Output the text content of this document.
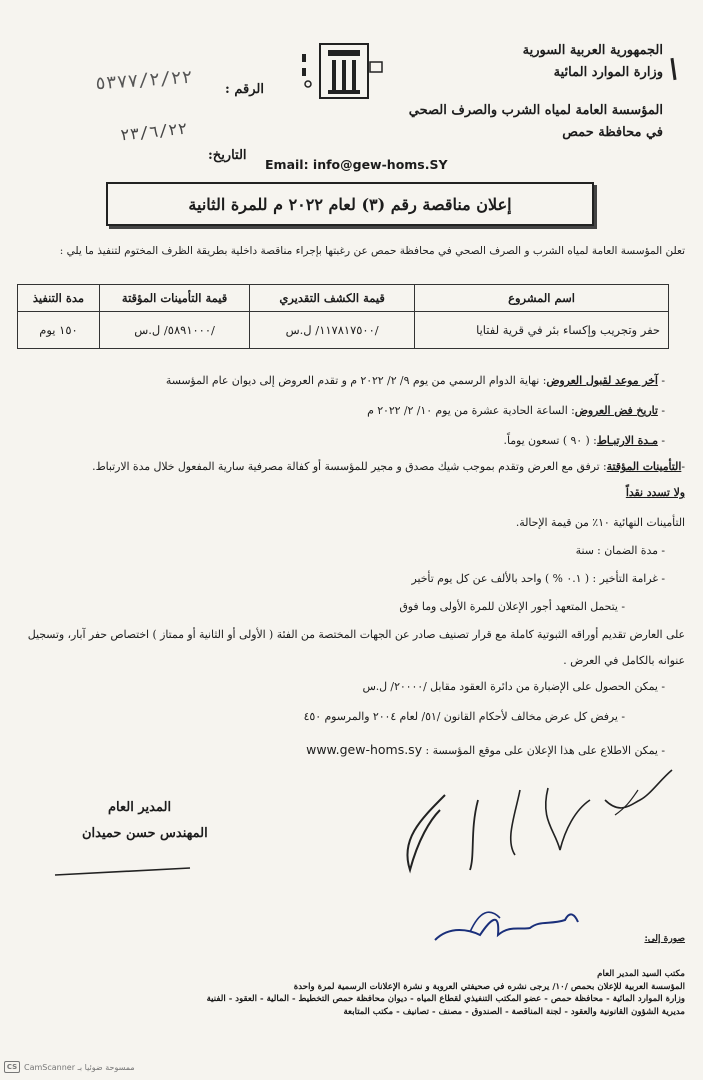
الجمهورية العربية السورية
وزارة الموارد المائية
المؤسسة العامة لمياه الشرب والصرف الصحي
في محافظة حمص
الرقم :
٥٣٧٧/٢/٢٢
التاريخ:
٢٣/٦/٢٢
Email: info@gew-homs.SY
إعلان مناقصة رقم (٣) لعام ٢٠٢٢ م للمرة الثانية
تعلن المؤسسة العامة لمياه الشرب و الصرف الصحي في محافظة حمص عن رغبتها بإجراء مناقصة داخلية بطريقة الظرف المختوم لتنفيذ ما يلي :
اسم المشروع	قيمة الكشف التقديري	قيمة التأمينات المؤقتة	مدة التنفيذ
حفر وتجريب وإكساء بئر في قرية لفتايا	/١١٧٨١٧٥٠٠/ ل.س	/٥٨٩١٠٠٠/ ل.س	١٥٠ يوم
- آخر موعد لقبول العروض: نهاية الدوام الرسمي من يوم ٩/ ٢/ ٢٠٢٢ م و تقدم العروض إلى ديوان عام المؤسسة
- تاريخ فض العروض: الساعة الحادية عشرة من يوم ١٠/ ٢/ ٢٠٢٢ م
- مـدة الارتبـاط: ( ٩٠ ) تسعون يوماً.
-التأمينات المؤقتة: ترفق مع العرض وتقدم بموجب شيك مصدق و مجير للمؤسسة أو كفالة مصرفية سارية المفعول خلال مدة الارتباط.
ولا تسدد نقداً
التأمينات النهائية ١٠٪ من قيمة الإحالة.
- مدة الضمان : سنة
- غرامة التأخير : ( ٠.١ % ) واحد بالألف عن كل يوم تأخير
- يتحمل المتعهد أجور الإعلان للمرة الأولى وما فوق
على العارض تقديم أوراقه الثبوتية كاملة مع قرار تصنيف صادر عن الجهات المختصة من الفئة ( الأولى أو الثانية أو ممتاز ) اختصاص حفر آبار، وتسجيل عنوانه بالكامل في العرض .
- يمكن الحصول على الإضبارة من دائرة العقود مقابل /٢٠٠٠٠/ ل.س
- يرفض كل عرض مخالف لأحكام القانون /٥١/ لعام ٢٠٠٤ والمرسوم ٤٥٠
- يمكن الاطلاع على هذا الإعلان على موقع المؤسسة : www.gew-homs.sy
المدير العام
المهندس حسن حميدان
صورة إلى:
مكتب السيد المدير العام
المؤسسة العربية للإعلان بحمص /١٠/ يرجى نشره في صحيفتي العروبة و نشرة الإعلانات الرسمية لمرة واحدة
وزارة الموارد المائية - محافظة حمص - عضو المكتب التنفيذي لقطاع المياه - ديوان محافظة حمص التخطيط - المالية - العقود - الفنية
مديرية الشؤون القانونية والعقود - لجنة المناقصة - الصندوق - مصنف - تصانيف - مكتب المتابعة
CS CamScanner ممسوحة ضوئيا بـ
